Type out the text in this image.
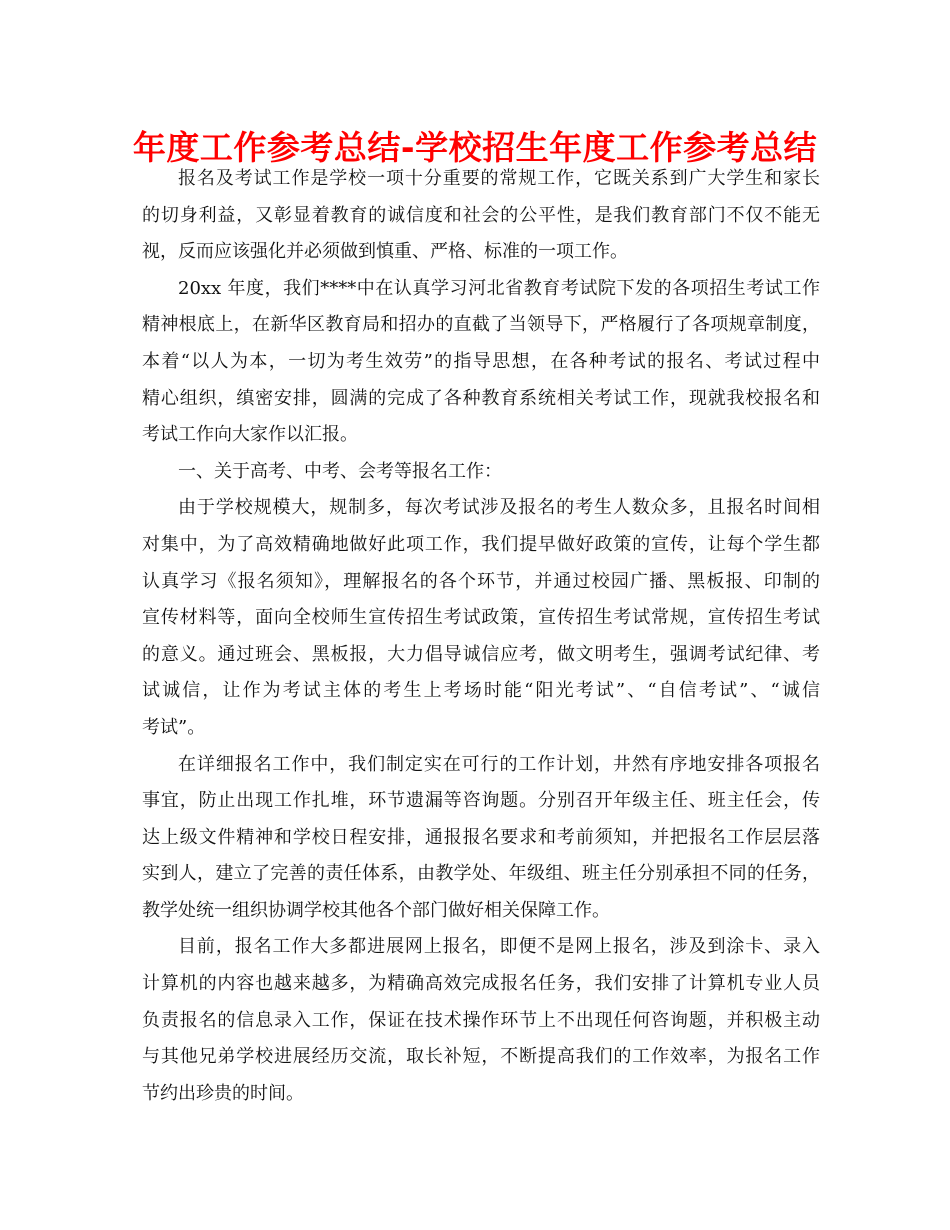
年度工作参考总结-学校招生年度工作参考总结
报名及考试工作是学校一项十分重要的常规工作，它既关系到广大学生和家长
的切身利益，又彰显着教育的诚信度和社会的公平性，是我们教育部门不仅不能无
视，反而应该强化并必须做到慎重、严格、标准的一项工作。
20xx 年度，我们****中在认真学习河北省教育考试院下发的各项招生考试工作
精神根底上，在新华区教育局和招办的直截了当领导下，严格履行了各项规章制度，
本着“以人为本，一切为考生效劳”的指导思想，在各种考试的报名、考试过程中
精心组织，缜密安排，圆满的完成了各种教育系统相关考试工作，现就我校报名和
考试工作向大家作以汇报。
一、关于高考、中考、会考等报名工作：
由于学校规模大，规制多，每次考试涉及报名的考生人数众多，且报名时间相
对集中，为了高效精确地做好此项工作，我们提早做好政策的宣传，让每个学生都
认真学习《报名须知》，理解报名的各个环节，并通过校园广播、黑板报、印制的
宣传材料等，面向全校师生宣传招生考试政策，宣传招生考试常规，宣传招生考试
的意义。通过班会、黑板报，大力倡导诚信应考，做文明考生，强调考试纪律、考
试诚信，让作为考试主体的考生上考场时能“阳光考试”、“自信考试”、“诚信
考试”。
在详细报名工作中，我们制定实在可行的工作计划，井然有序地安排各项报名
事宜，防止出现工作扎堆，环节遗漏等咨询题。分别召开年级主任、班主任会，传
达上级文件精神和学校日程安排，通报报名要求和考前须知，并把报名工作层层落
实到人，建立了完善的责任体系，由教学处、年级组、班主任分别承担不同的任务，
教学处统一组织协调学校其他各个部门做好相关保障工作。
目前，报名工作大多都进展网上报名，即便不是网上报名，涉及到涂卡、录入
计算机的内容也越来越多，为精确高效完成报名任务，我们安排了计算机专业人员
负责报名的信息录入工作，保证在技术操作环节上不出现任何咨询题，并积极主动
与其他兄弟学校进展经历交流，取长补短，不断提高我们的工作效率，为报名工作
节约出珍贵的时间。
